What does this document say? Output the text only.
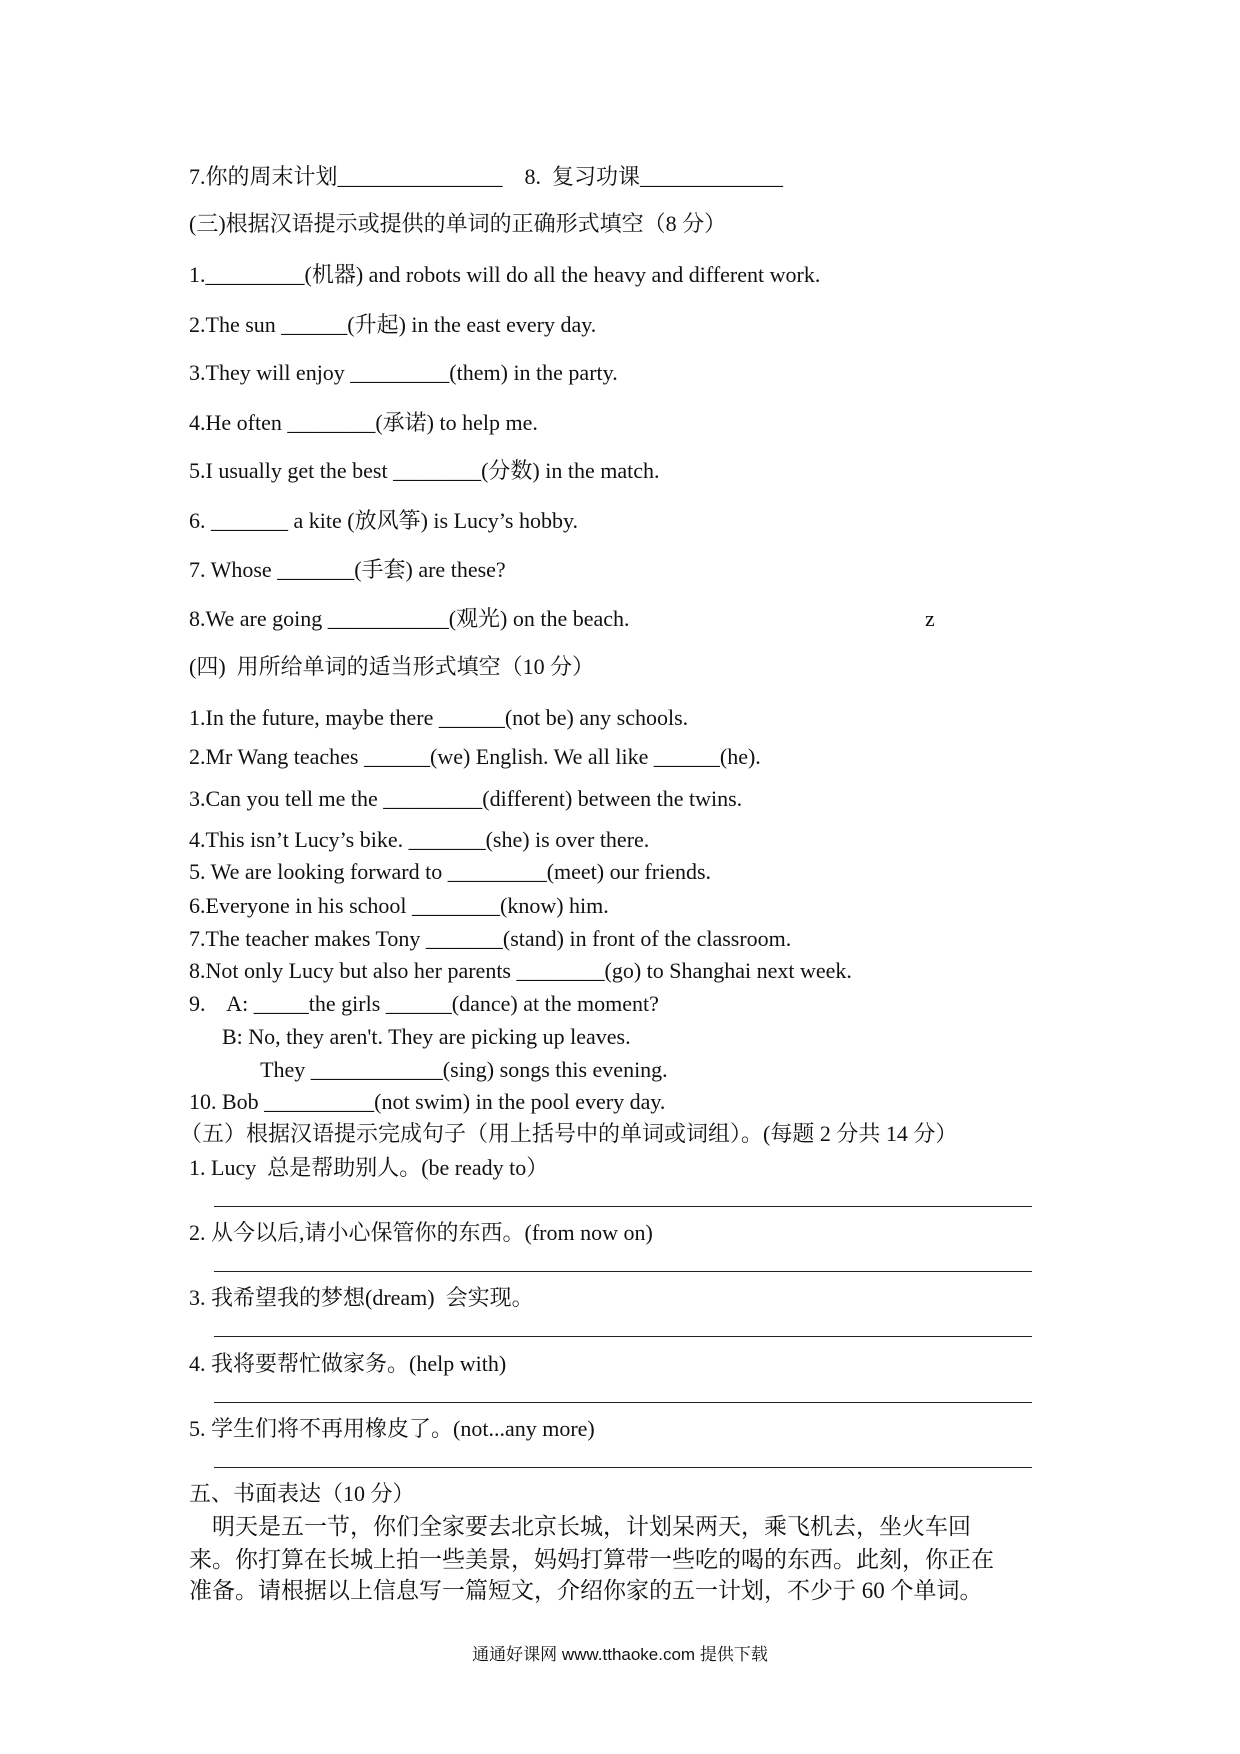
7.你的周末计划_______________    8.  复习功课_____________
(三)根据汉语提示或提供的单词的正确形式填空（8 分）
1._________(机器) and robots will do all the heavy and different work.
2.The sun ______(升起) in the east every day.
3.They will enjoy _________(them) in the party.
4.He often ________(承诺) to help me.
5.I usually get the best ________(分数) in the match.
6. _______ a kite (放风筝) is Lucy’s hobby.
7. Whose _______(手套) are these?
8.We are going ___________(观光) on the beach.	z
(四)  用所给单词的适当形式填空（10 分）
1.In the future, maybe there ______(not be) any schools.
2.Mr Wang teaches ______(we) English. We all like ______(he).
3.Can you tell me the _________(different) between the twins.
4.This isn’t Lucy’s bike. _______(she) is over there.
5. We are looking forward to _________(meet) our friends.
6.Everyone in his school ________(know) him.
7.The teacher makes Tony _______(stand) in front of the classroom.
8.Not only Lucy but also her parents ________(go) to Shanghai next week.
9.    A: _____the girls ______(dance) at the moment?
B: No, they aren't. They are picking up leaves.
They ____________(sing) songs this evening.
10. Bob __________(not swim) in the pool every day.
（五）根据汉语提示完成句子（用上括号中的单词或词组）。(每题 2 分共 14 分）
1. Lucy  总是帮助别人。(be ready to）
2. 从今以后,请小心保管你的东西。(from now on)
3. 我希望我的梦想(dream)  会实现。
4. 我将要帮忙做家务。(help with)
5. 学生们将不再用橡皮了。(not...any more)
五、书面表达（10 分）
明天是五一节，你们全家要去北京长城，计划呆两天，乘飞机去，坐火车回
来。你打算在长城上拍一些美景，妈妈打算带一些吃的喝的东西。此刻，你正在
准备。请根据以上信息写一篇短文，介绍你家的五一计划，不少于 60 个单词。
通通好课网 www.tthaoke.com 提供下载
